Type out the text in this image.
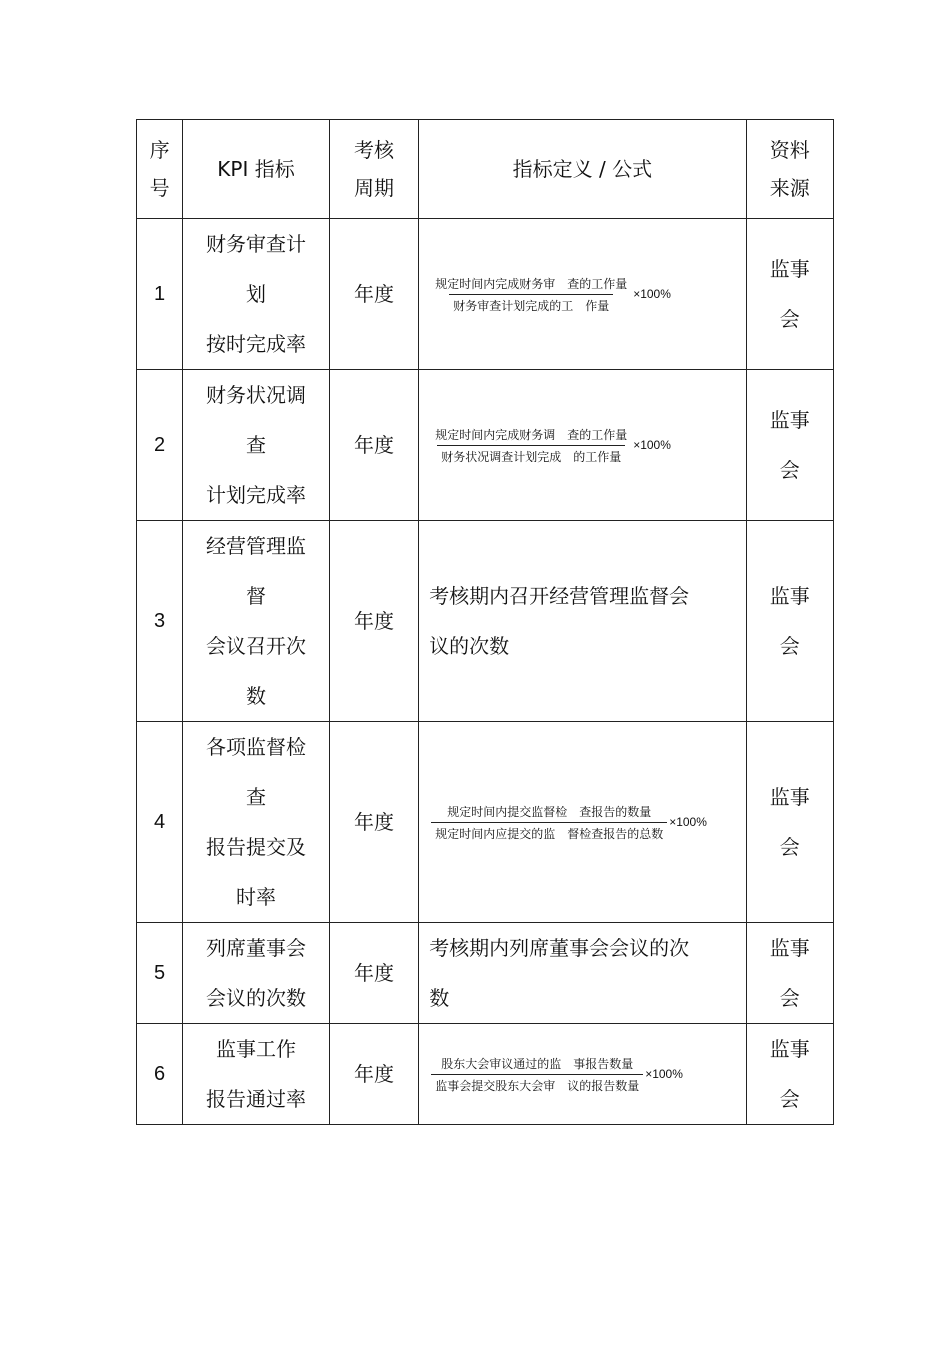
序
号	KPI 指标	考核
周期	指标定义 / 公式	资料
来源

1	财务审查计
划
按时完成率	年度	$\frac{\text{规定时间内完成财务审　查的工作量}}{\text{财务审查计划完成的工　作量}} \times 100\%$	监事
会

2	财务状况调
查
计划完成率	年度	$\frac{\text{规定时间内完成财务调　查的工作量}}{\text{财务状况调查计划完成　的工作量}} \times 100\%$	监事
会

3	经营管理监
督
会议召开次
数	年度	考核期内召开经营管理监督会
议的次数	监事
会

4	各项监督检
查
报告提交及
时率	年度	$\frac{\text{规定时间内提交监督检　查报告的数量}}{\text{规定时间内应提交的监　督检查报告的总数}} \times 100\%$	监事
会

5	列席董事会
会议的次数	年度	考核期内列席董事会会议的次
数	监事
会

6	监事工作
报告通过率	年度	$\frac{\text{股东大会审议通过的监　事报告数量}}{\text{监事会提交股东大会审　议的报告数量}} \times 100\%$	监事
会
